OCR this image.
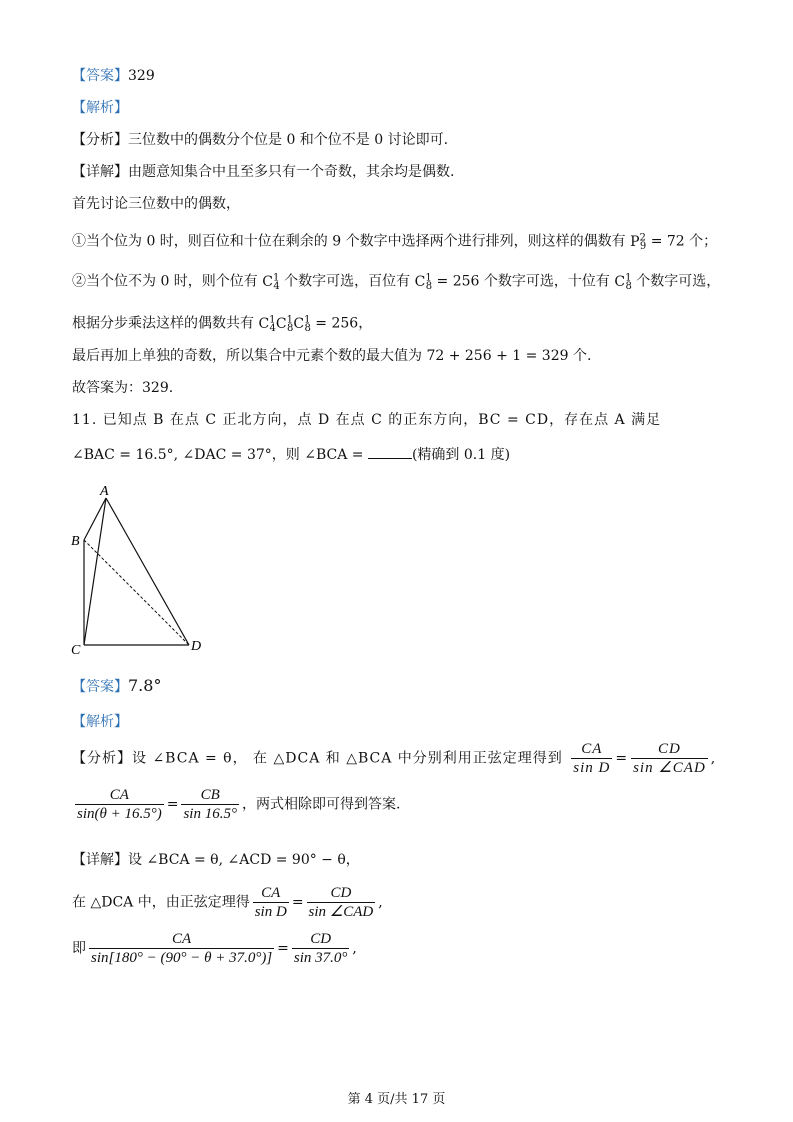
【答案】329
【解析】
【分析】三位数中的偶数分个位是 0 和个位不是 0 讨论即可.
【详解】由题意知集合中且至多只有一个奇数，其余均是偶数.
首先讨论三位数中的偶数，
①当个位为 0 时，则百位和十位在剩余的 9 个数字中选择两个进行排列，则这样的偶数有 $P^2_9 = 72$ 个；
②当个位不为 0 时，则个位有 $C^1_4$ 个数字可选，百位有 $C^1_8 = 256$ 个数字可选，十位有 $C^1_8$ 个数字可选，
根据分步乘法这样的偶数共有 $C^1_4C^1_8C^1_8 = 256$，
最后再加上单独的奇数，所以集合中元素个数的最大值为 72 + 256 + 1 = 329 个.
故答案为：329.
11. 已知点 B 在点 C 正北方向，点 D 在点 C 的正东方向，BC = CD，存在点 A 满足
∠BAC = 16.5°, ∠DAC = 37°，则 ∠BCA =	(精确到 0.1 度)
A
B
C	D
【答案】7.8°
【解析】
【分析】设 ∠BCA = θ， 在 △DCA 和 △BCA 中分别利用正弦定理得到 $\frac{CA}{\text{sin D}} = \frac{CD}{\text{sin ∠CAD}}$ ,
$\frac{CA}{\sin(\theta + 16.5^\circ)} = \frac{CB}{\sin 16.5^\circ}$ ，两式相除即可得到答案.
【详解】设 ∠BCA = θ, ∠ACD = 90° − θ，
在 △DCA 中，由正弦定理得 $\frac{CA}{\text{sin D}} = \frac{CD}{\text{sin ∠CAD}}$ ,
即 $\frac{CA}{\sin[180^\circ - (90^\circ - \theta + 37.0^\circ)]} = \frac{CD}{\sin 37.0^\circ}$ ,
第 4 页/共 17 页
